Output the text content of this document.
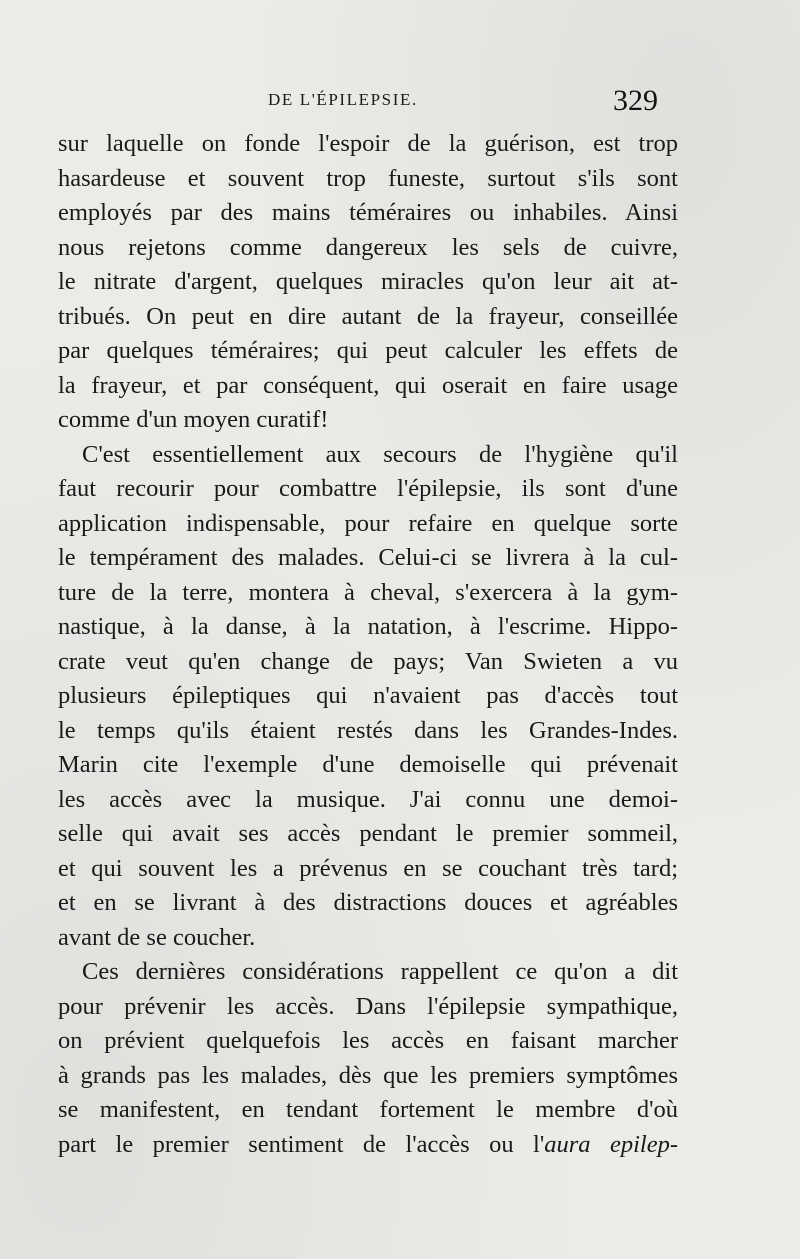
DE L'ÉPILEPSIE.	329
sur laquelle on fonde l'espoir de la guérison, est trop
hasardeuse et souvent trop funeste, surtout s'ils sont
employés par des mains téméraires ou inhabiles. Ainsi
nous rejetons comme dangereux les sels de cuivre,
le nitrate d'argent, quelques miracles qu'on leur ait at-
tribués. On peut en dire autant de la frayeur, conseillée
par quelques téméraires; qui peut calculer les effets de
la frayeur, et par conséquent, qui oserait en faire usage
comme d'un moyen curatif!
C'est essentiellement aux secours de l'hygiène qu'il
faut recourir pour combattre l'épilepsie, ils sont d'une
application indispensable, pour refaire en quelque sorte
le tempérament des malades. Celui-ci se livrera à la cul-
ture de la terre, montera à cheval, s'exercera à la gym-
nastique, à la danse, à la natation, à l'escrime. Hippo-
crate veut qu'en change de pays; Van Swieten a vu
plusieurs épileptiques qui n'avaient pas d'accès tout
le temps qu'ils étaient restés dans les Grandes-Indes.
Marin cite l'exemple d'une demoiselle qui prévenait
les accès avec la musique. J'ai connu une demoi-
selle qui avait ses accès pendant le premier sommeil,
et qui souvent les a prévenus en se couchant très tard;
et en se livrant à des distractions douces et agréables
avant de se coucher.
Ces dernières considérations rappellent ce qu'on a dit
pour prévenir les accès. Dans l'épilepsie sympathique,
on prévient quelquefois les accès en faisant marcher
à grands pas les malades, dès que les premiers symptômes
se manifestent, en tendant fortement le membre d'où
part le premier sentiment de l'accès ou l'aura epilep-
